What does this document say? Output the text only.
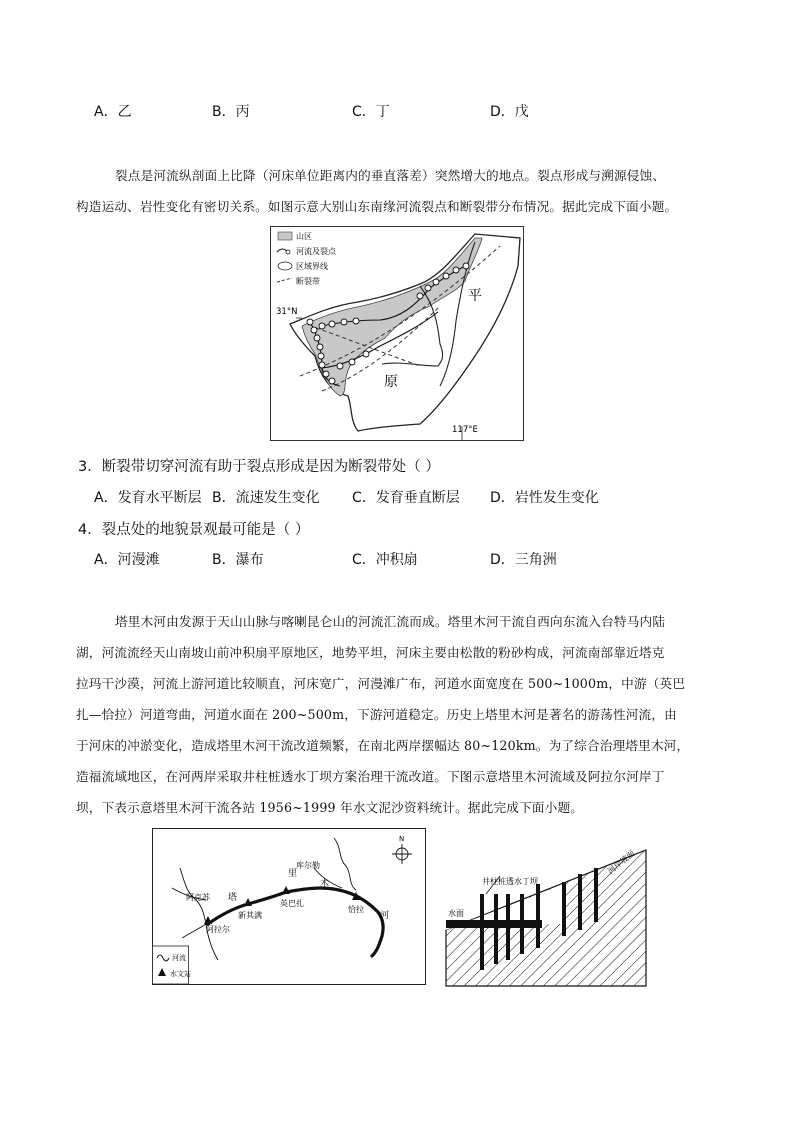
A．乙	B．丙	C．丁	D．戊
裂点是河流纵剖面上比降（河床单位距离内的垂直落差）突然增大的地点。裂点形成与溯源侵蚀、
构造运动、岩性变化有密切关系。如图示意大别山东南缘河流裂点和断裂带分布情况。据此完成下面小题。
山区
河流及裂点
区域界线
断裂带
31°N
117°E
平
原
3．断裂带切穿河流有助于裂点形成是因为断裂带处（ ）
A．发育水平断层 B．流速发生变化 C．发育垂直断层 D．岩性发生变化
4．裂点处的地貌景观最可能是（ ）
A．河漫滩	B．瀑布	C．冲积扇	D．三角洲
塔里木河由发源于天山山脉与喀喇昆仑山的河流汇流而成。塔里木河干流自西向东流入台特马内陆
湖，河流流经天山南坡山前冲积扇平原地区，地势平坦，河床主要由松散的粉砂构成，河流南部靠近塔克
拉玛干沙漠，河流上游河道比较顺直，河床宽广，河漫滩广布，河道水面宽度在 500~1000m，中游（英巴
扎—恰拉）河道弯曲，河道水面在 200~500m，下游河道稳定。历史上塔里木河是著名的游荡性河流，由
于河床的冲淤变化，造成塔里木河干流改道频繁，在南北两岸摆幅达 80~120km。为了综合治理塔里木河，
造福流域地区，在河两岸采取井柱桩透水丁坝方案治理干流改道。下图示意塔里木河流域及阿拉尔河岸丁
坝，下表示意塔里木河干流各站 1956~1999 年水文泥沙资料统计。据此完成下面小题。
阿克苏
阿拉尔
新其满
英巴扎
恰拉
库尔勒
塔
里
木
河
N
河流
水文站
井柱桩透水丁坝
河岸坡面
水面
